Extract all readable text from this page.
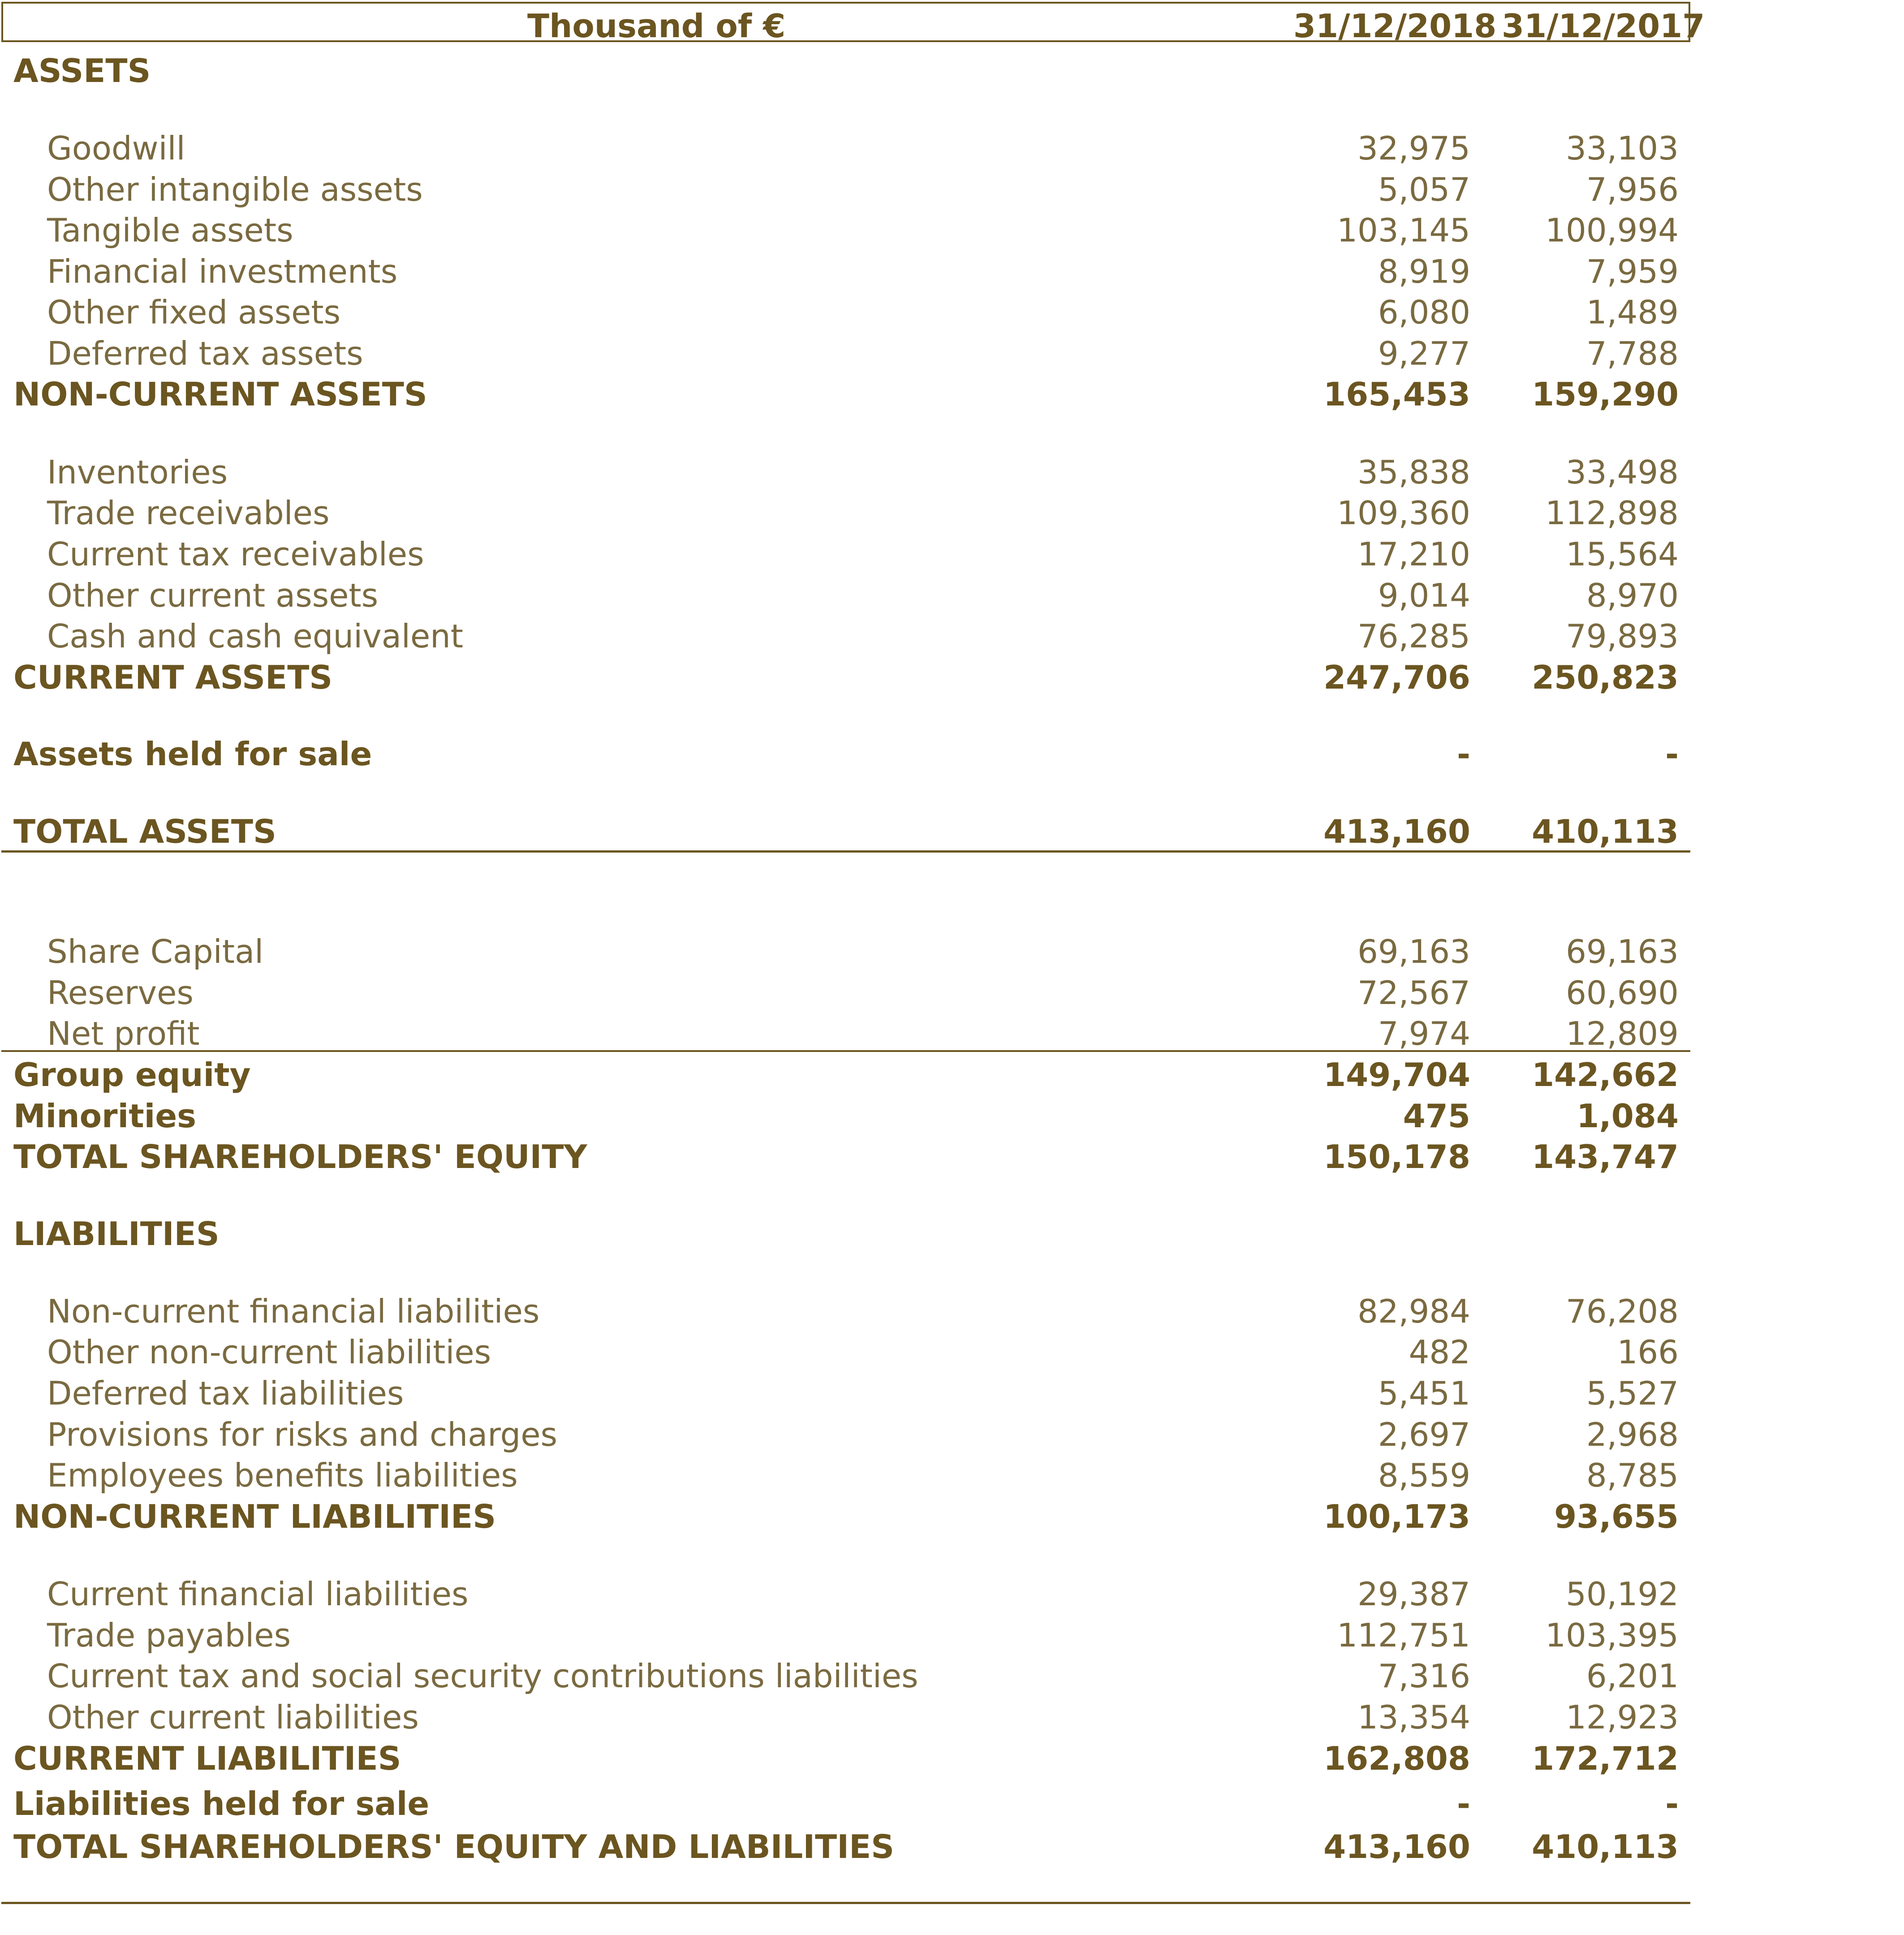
Thousand of €	31/12/2018 31/12/2017
ASSETS
Goodwill	32,975	33,103
Other intangible assets	5,057	7,956
Tangible assets	103,145	100,994
Financial investments	8,919	7,959
Other fixed assets	6,080	1,489
Deferred tax assets	9,277	7,788
NON-CURRENT ASSETS	165,453	159,290
Inventories	35,838	33,498
Trade receivables	109,360	112,898
Current tax receivables	17,210	15,564
Other current assets	9,014	8,970
Cash and cash equivalent	76,285	79,893
CURRENT ASSETS	247,706	250,823
Assets held for sale	-	-
TOTAL ASSETS	413,160	410,113
Share Capital	69,163	69,163
Reserves	72,567	60,690
Net profit	7,974	12,809
Group equity	149,704	142,662
Minorities	475	1,084
TOTAL SHAREHOLDERS' EQUITY	150,178	143,747
LIABILITIES
Non-current financial liabilities	82,984	76,208
Other non-current liabilities	482	166
Deferred tax liabilities	5,451	5,527
Provisions for risks and charges	2,697	2,968
Employees benefits liabilities	8,559	8,785
NON-CURRENT LIABILITIES	100,173	93,655
Current financial liabilities	29,387	50,192
Trade payables	112,751	103,395
Current tax and social security contributions liabilities	7,316	6,201
Other current liabilities	13,354	12,923
CURRENT LIABILITIES	162,808	172,712
Liabilities held for sale	-	-
TOTAL SHAREHOLDERS' EQUITY AND LIABILITIES	413,160	410,113
